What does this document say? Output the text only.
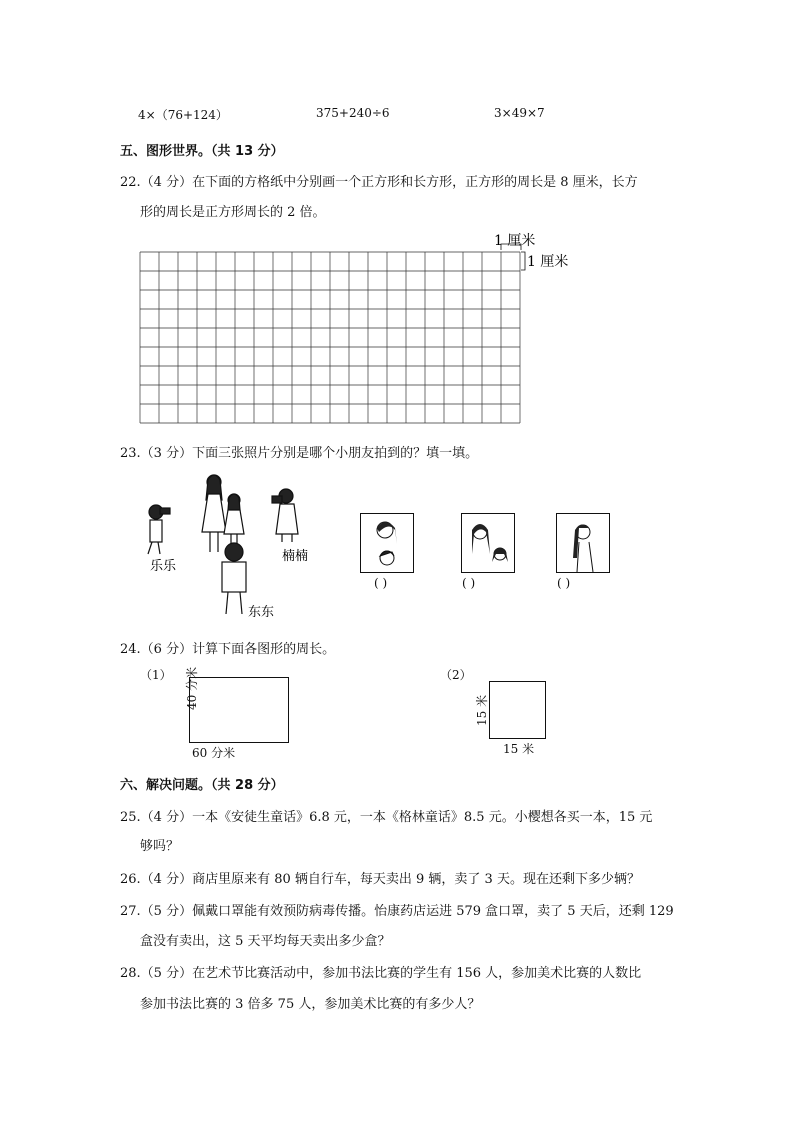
4×（76+124）	375+240÷6	3×49×7
五、图形世界。（共 13 分）
22.（4 分）在下面的方格纸中分别画一个正方形和长方形，正方形的周长是 8 厘米，长方
形的周长是正方形周长的 2 倍。
1 厘米
1 厘米
23.（3 分）下面三张照片分别是哪个小朋友拍到的？填一填。
乐乐
楠楠
东东
( )	( )	( )
24.（6 分）计算下面各图形的周长。
（1）
60 分米
40 分米	（2）
15 米
15 米
六、解决问题。（共 28 分）
25.（4 分）一本《安徒生童话》6.8 元，一本《格林童话》8.5 元。小樱想各买一本，15 元
够吗？
26.（4 分）商店里原来有 80 辆自行车，每天卖出 9 辆，卖了 3 天。现在还剩下多少辆？
27.（5 分）佩戴口罩能有效预防病毒传播。怡康药店运进 579 盒口罩，卖了 5 天后，还剩 129
盒没有卖出，这 5 天平均每天卖出多少盒？
28.（5 分）在艺术节比赛活动中，参加书法比赛的学生有 156 人，参加美术比赛的人数比
参加书法比赛的 3 倍多 75 人，参加美术比赛的有多少人？
